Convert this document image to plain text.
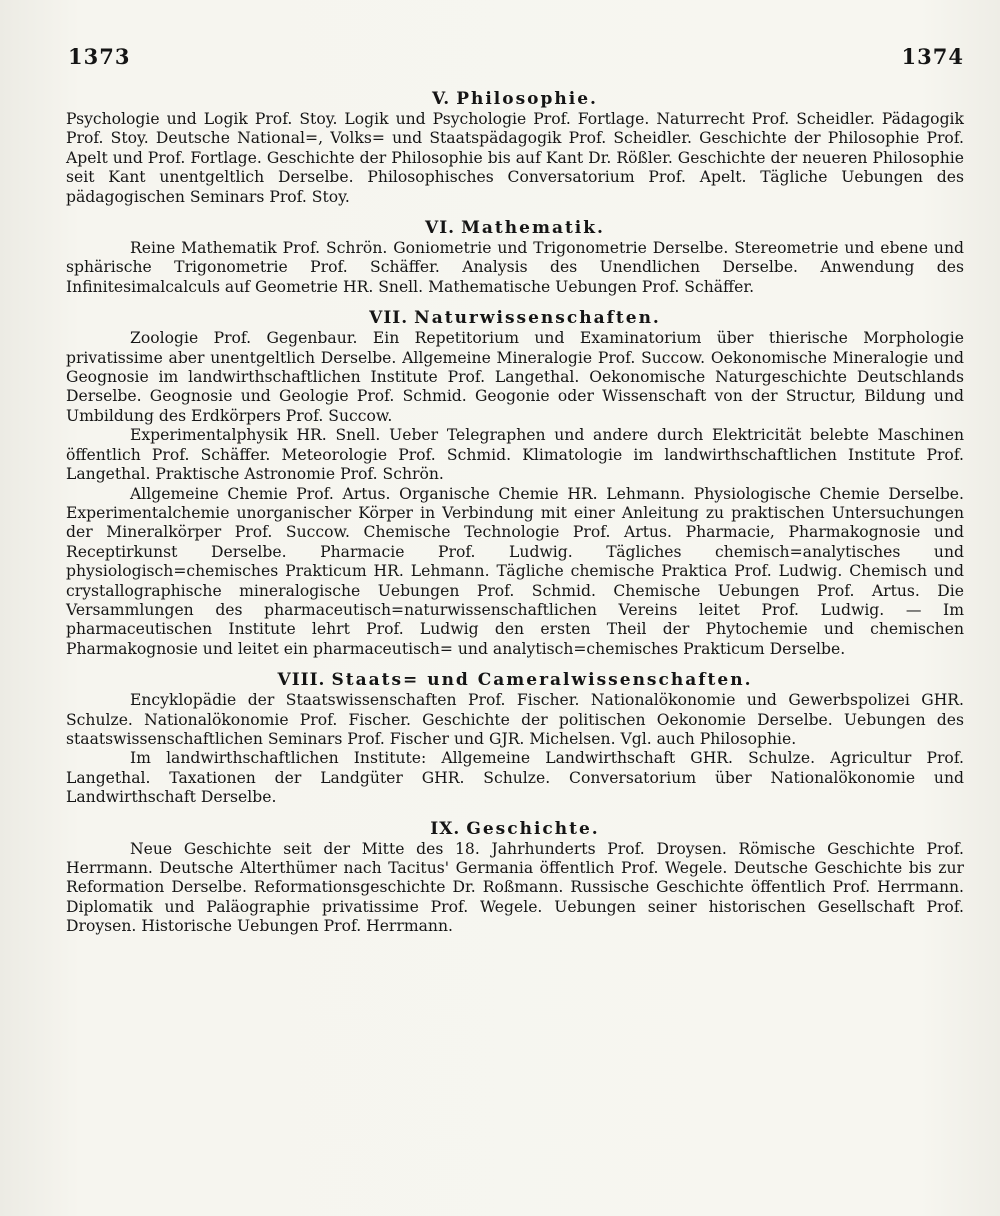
1373	1374
V. Philosophie.

Psychologie und Logik Prof. Stoy. Logik und Psychologie Prof. Fortlage. Naturrecht Prof. Scheidler. Pädagogik Prof. Stoy. Deutsche National=, Volks= und Staatspädagogik Prof. Scheidler. Geschichte der Philosophie Prof. Apelt und Prof. Fortlage. Geschichte der Philosophie bis auf Kant Dr. Rößler. Geschichte der neueren Philosophie seit Kant unentgeltlich Derselbe. Philosophisches Conversatorium Prof. Apelt. Tägliche Uebungen des pädagogischen Seminars Prof. Stoy.

VI. Mathematik.

Reine Mathematik Prof. Schrön. Goniometrie und Trigonometrie Derselbe. Stereometrie und ebene und sphärische Trigonometrie Prof. Schäffer. Analysis des Unendlichen Derselbe. Anwendung des Infinitesimalcalculs auf Geometrie HR. Snell. Mathematische Uebungen Prof. Schäffer.

VII. Naturwissenschaften.

Zoologie Prof. Gegenbaur. Ein Repetitorium und Examinatorium über thierische Morphologie privatissime aber unentgeltlich Derselbe. Allgemeine Mineralogie Prof. Succow. Oekonomische Mineralogie und Geognosie im landwirthschaftlichen Institute Prof. Langethal. Oekonomische Naturgeschichte Deutschlands Derselbe. Geognosie und Geologie Prof. Schmid. Geogonie oder Wissenschaft von der Structur, Bildung und Umbildung des Erdkörpers Prof. Succow.

Experimentalphysik HR. Snell. Ueber Telegraphen und andere durch Elektricität belebte Maschinen öffentlich Prof. Schäffer. Meteorologie Prof. Schmid. Klimatologie im landwirthschaftlichen Institute Prof. Langethal. Praktische Astronomie Prof. Schrön.

Allgemeine Chemie Prof. Artus. Organische Chemie HR. Lehmann. Physiologische Chemie Derselbe. Experimentalchemie unorganischer Körper in Verbindung mit einer Anleitung zu praktischen Untersuchungen der Mineralkörper Prof. Succow. Chemische Technologie Prof. Artus. Pharmacie, Pharmakognosie und Receptirkunst Derselbe. Pharmacie Prof. Ludwig. Tägliches chemisch=analytisches und physiologisch=chemisches Prakticum HR. Lehmann. Tägliche chemische Praktica Prof. Ludwig. Chemisch und crystallographische mineralogische Uebungen Prof. Schmid. Chemische Uebungen Prof. Artus. Die Versammlungen des pharmaceutisch=naturwissenschaftlichen Vereins leitet Prof. Ludwig. — Im pharmaceutischen Institute lehrt Prof. Ludwig den ersten Theil der Phytochemie und chemischen Pharmakognosie und leitet ein pharmaceutisch= und analytisch=chemisches Prakticum Derselbe.

VIII. Staats= und Cameralwissenschaften.

Encyklopädie der Staatswissenschaften Prof. Fischer. Nationalökonomie und Gewerbspolizei GHR. Schulze. Nationalökonomie Prof. Fischer. Geschichte der politischen Oekonomie Derselbe. Uebungen des staatswissenschaftlichen Seminars Prof. Fischer und GJR. Michelsen. Vgl. auch Philosophie.

Im landwirthschaftlichen Institute: Allgemeine Landwirthschaft GHR. Schulze. Agricultur Prof. Langethal. Taxationen der Landgüter GHR. Schulze. Conversatorium über Nationalökonomie und Landwirthschaft Derselbe.

IX. Geschichte.

Neue Geschichte seit der Mitte des 18. Jahrhunderts Prof. Droysen. Römische Geschichte Prof. Herrmann. Deutsche Alterthümer nach Tacitus' Germania öffentlich Prof. Wegele. Deutsche Geschichte bis zur Reformation Derselbe. Reformationsgeschichte Dr. Roßmann. Russische Geschichte öffentlich Prof. Herrmann. Diplomatik und Paläographie privatissime Prof. Wegele. Uebungen seiner historischen Gesellschaft Prof. Droysen. Historische Uebungen Prof. Herrmann.
